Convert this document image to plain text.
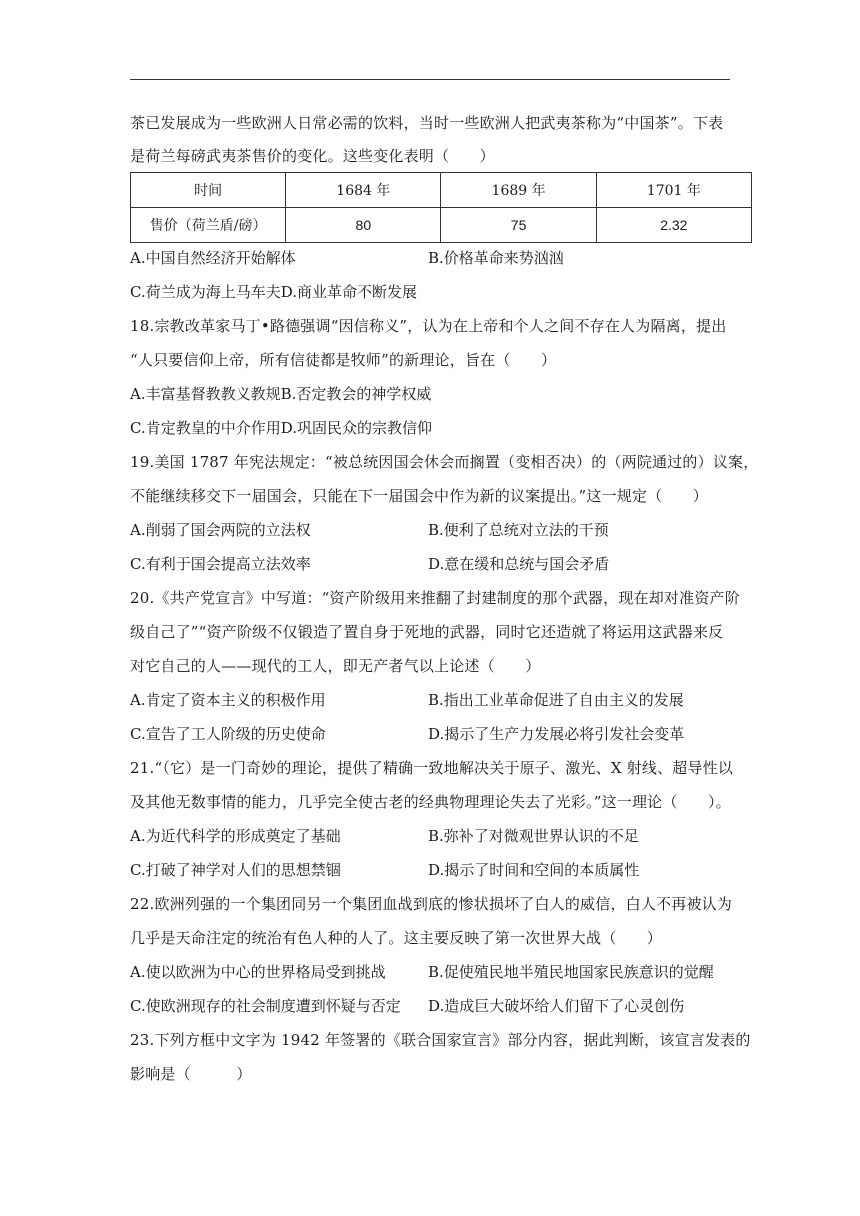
茶已发展成为一些欧洲人日常必需的饮料，当时一些欧洲人把武夷茶称为“中国茶”。下表
是荷兰每磅武夷茶售价的变化。这些变化表明（　　）
时间	1684 年	1689 年	1701 年
售价（荷兰盾/磅）	80	75	2.32
A.中国自然经济开始解体	B.价格革命来势汹汹
C.荷兰成为海上马车夫D.商业革命不断发展
18.宗教改革家马丁•路德强调“因信称义”，认为在上帝和个人之间不存在人为隔离，提出
“人只要信仰上帝，所有信徒都是牧师”的新理论，旨在（　　）
A.丰富基督教教义教规B.否定教会的神学权威
C.肯定教皇的中介作用D.巩固民众的宗教信仰
19.美国 1787 年宪法规定：“被总统因国会休会而搁置（变相否决）的（两院通过的）议案，
不能继续移交下一届国会，只能在下一届国会中作为新的议案提出。”这一规定（　　）
A.削弱了国会两院的立法权	B.便利了总统对立法的干预
C.有利于国会提高立法效率	D.意在缓和总统与国会矛盾
20.《共产党宣言》中写道：“资产阶级用来推翻了封建制度的那个武器，现在却对准资产阶
级自己了”“资产阶级不仅锻造了置自身于死地的武器，同时它还造就了将运用这武器来反
对它自己的人——现代的工人，即无产者气以上论述（　　）
A.肯定了资本主义的积极作用	B.指出工业革命促进了自由主义的发展
C.宣告了工人阶级的历史使命	D.揭示了生产力发展必将引发社会变革
21.“（它）是一门奇妙的理论，提供了精确一致地解决关于原子、激光、X 射线、超导性以
及其他无数事情的能力，几乎完全使古老的经典物理理论失去了光彩。”这一理论（　　）。
A.为近代科学的形成奠定了基础	B.弥补了对微观世界认识的不足
C.打破了神学对人们的思想禁锢	D.揭示了时间和空间的本质属性
22.欧洲列强的一个集团同另一个集团血战到底的惨状损坏了白人的威信，白人不再被认为
几乎是天命注定的统治有色人种的人了。这主要反映了第一次世界大战（　　）
A.使以欧洲为中心的世界格局受到挑战	B.促使殖民地半殖民地国家民族意识的觉醒
C.使欧洲现存的社会制度遭到怀疑与否定 D.造成巨大破坏给人们留下了心灵创伤
23.下列方框中文字为 1942 年签署的《联合国家宣言》部分内容，据此判断，该宣言发表的
影响是（　　　）
